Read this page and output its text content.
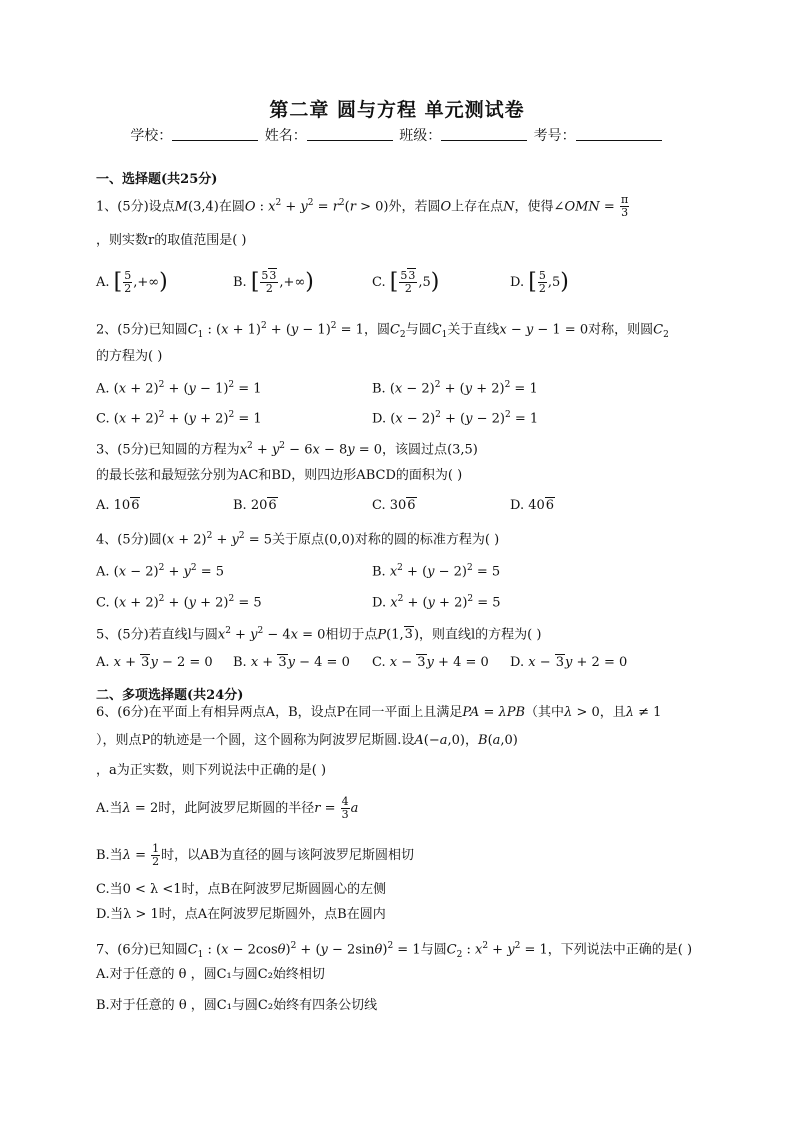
第二章 圆与方程 单元测试卷
学校：	姓名：	班级：	考号：
一、选择题(共25分)
1、(5分)设点M(3,4)在圆O : $x^2 + y^2 = r^2(r > 0)$外，若圆O上存在点N，使得∠OMN = $\frac{\pi}{3}$
，则实数r的取值范围是( )
A. [ $\frac{5}{2}$ ,+∞)	B. [ $\frac{53}{2}$ ,+∞)	C. [ $\frac{53}{2} ,5$)	D. [ $\frac{5}{2} ,5$)
2、(5分)已知圆$C_1$ : $(x + 1)^2 + (y - 1)^2 = 1$，圆$C_2$与圆$C_1$关于直线x − y − 1 = 0对称，则圆$C_2$
的方程为( )
A. $(x + 2)^2 + (y - 1)^2 = 1$	B. $(x - 2)^2 + (y + 2)^2 = 1$
C. $(x + 2)^2 + (y + 2)^2 = 1$	D. $(x - 2)^2 + (y - 2)^2 = 1$
3、(5分)已知圆的方程为$x^2 + y^2 - 6x - 8y = 0$，该圆过点(3,5)
的最长弦和最短弦分别为AC和BD，则四边形ABCD的面积为( )
A. 106	B. 206	C. 306	D. 406
4、(5分)圆$(x + 2)^2 + y^2 = 5$关于原点(0,0)对称的圆的标准方程为( )
A. $(x - 2)^2 + y^2 = 5$	B. $x^2 + (y - 2)^2 = 5$
C. $(x + 2)^2 + (y + 2)^2 = 5$	D. $x^2 + (y + 2)^2 = 5$
5、(5分)若直线l与圆$x^2 + y^2 - 4x = 0$相切于点P(1,3)，则直线l的方程为( )
A. x + 3y − 2 = 0 B. x + 3y − 4 = 0 C. x − 3y + 4 = 0 D. x − 3y + 2 = 0
二、多项选择题(共24分)
6、(6分)在平面上有相异两点A，B，设点P在同一平面上且满足PA = λPB（其中λ > 0，且λ ≠ 1
），则点P的轨迹是一个圆，这个圆称为阿波罗尼斯圆.设A(−a,0)，B(a,0)
，a为正实数，则下列说法中正确的是( )
A.当λ = 2时，此阿波罗尼斯圆的半径$r = \frac{4}{3}$ a
B.当$\lambda = \frac{1}{2}$ 时，以AB为直径的圆与该阿波罗尼斯圆相切
C.当0 < λ <1时，点B在阿波罗尼斯圆圆心的左侧
D.当λ > 1时，点A在阿波罗尼斯圆外，点B在圆内
7、(6分)已知圆$C_1$ : $(x - 2\cos\theta)^2 + (y - 2\sin\theta)^2 = 1$与圆$C_2$ : $x^2 + y^2 = 1$，下列说法中正确的是( )
A.对于任意的 θ ，圆C₁与圆C₂始终相切
B.对于任意的 θ ，圆C₁与圆C₂始终有四条公切线
